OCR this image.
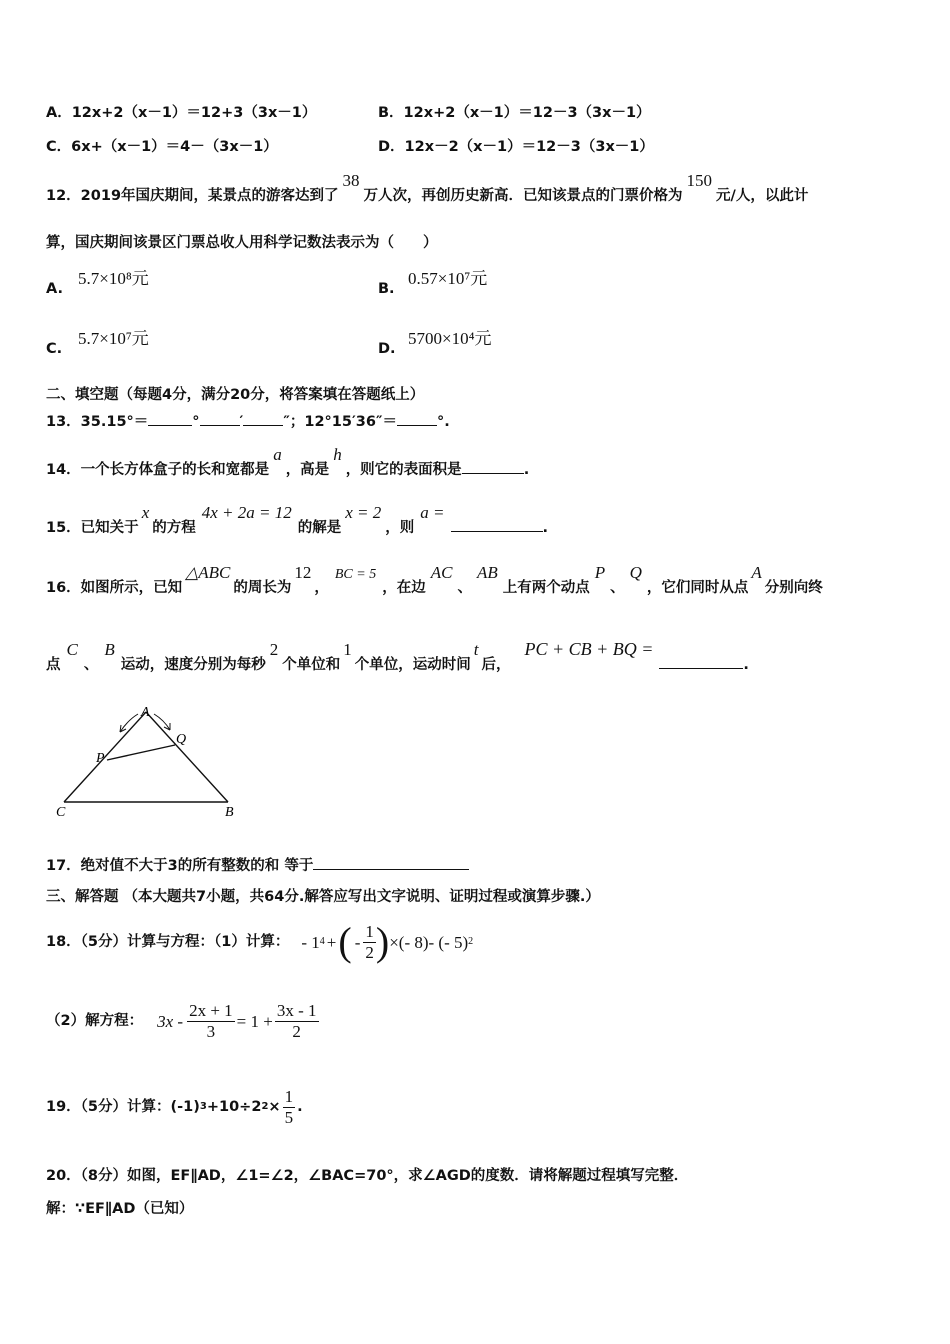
A．12x+2（x－1）＝12+3（3x－1）	B．12x+2（x－1）＝12－3（3x－1）
C．6x+（x－1）＝4－（3x－1）	D．12x－2（x－1）＝12－3（3x－1）
12．2019年国庆期间，某景点的游客达到了38万人次，再创历史新高．已知该景点的门票价格为150元/人，以此计
算，国庆期间该景区门票总收人用科学记数法表示为（　　）
A.
5.7×10⁸元
B.
0.57×10⁷元
C.
5.7×10⁷元
D.
5700×10⁴元
二、填空题（每题4分，满分20分，将答案填在答题纸上）
13．35.15°＝	°	′	″；12°15′36″＝	°.
14．一个长方体盒子的长和宽都是a，高是h，则它的表面积是	.
15．已知关于x的方程4x + 2a = 12的解是x = 2，则a =.
16．如图所示，已知△ABC的周长为12，BC = 5，在边AC、AB上有两个动点P、Q，它们同时从点A分别向终
点C、B运动，速度分别为每秒2个单位和1个单位，运动时间t后，PC + CB + BQ =.
A
P
Q
C	B
17．绝对值不大于3的所有整数的和 等于
三、解答题 （本大题共7小题，共64分.解答应写出文字说明、证明过程或演算步骤.）
18．（5分）计算与方程：（1）计算： - 1 4 + ( - $\frac{1}{2}$ ) ×(- 8)- (- 5) 2
（2）解方程： $3x - \frac{2x + 1}{3} = 1 + \frac{3x - 1}{2}$
19．（5分）计算：(-1) 3 +10÷2 $2 \times \frac{1}{5}$ .
20．（8分）如图，EF∥AD，∠1=∠2，∠BAC=70°，求∠AGD的度数．请将解题过程填写完整．
解：∵EF∥AD（已知）
